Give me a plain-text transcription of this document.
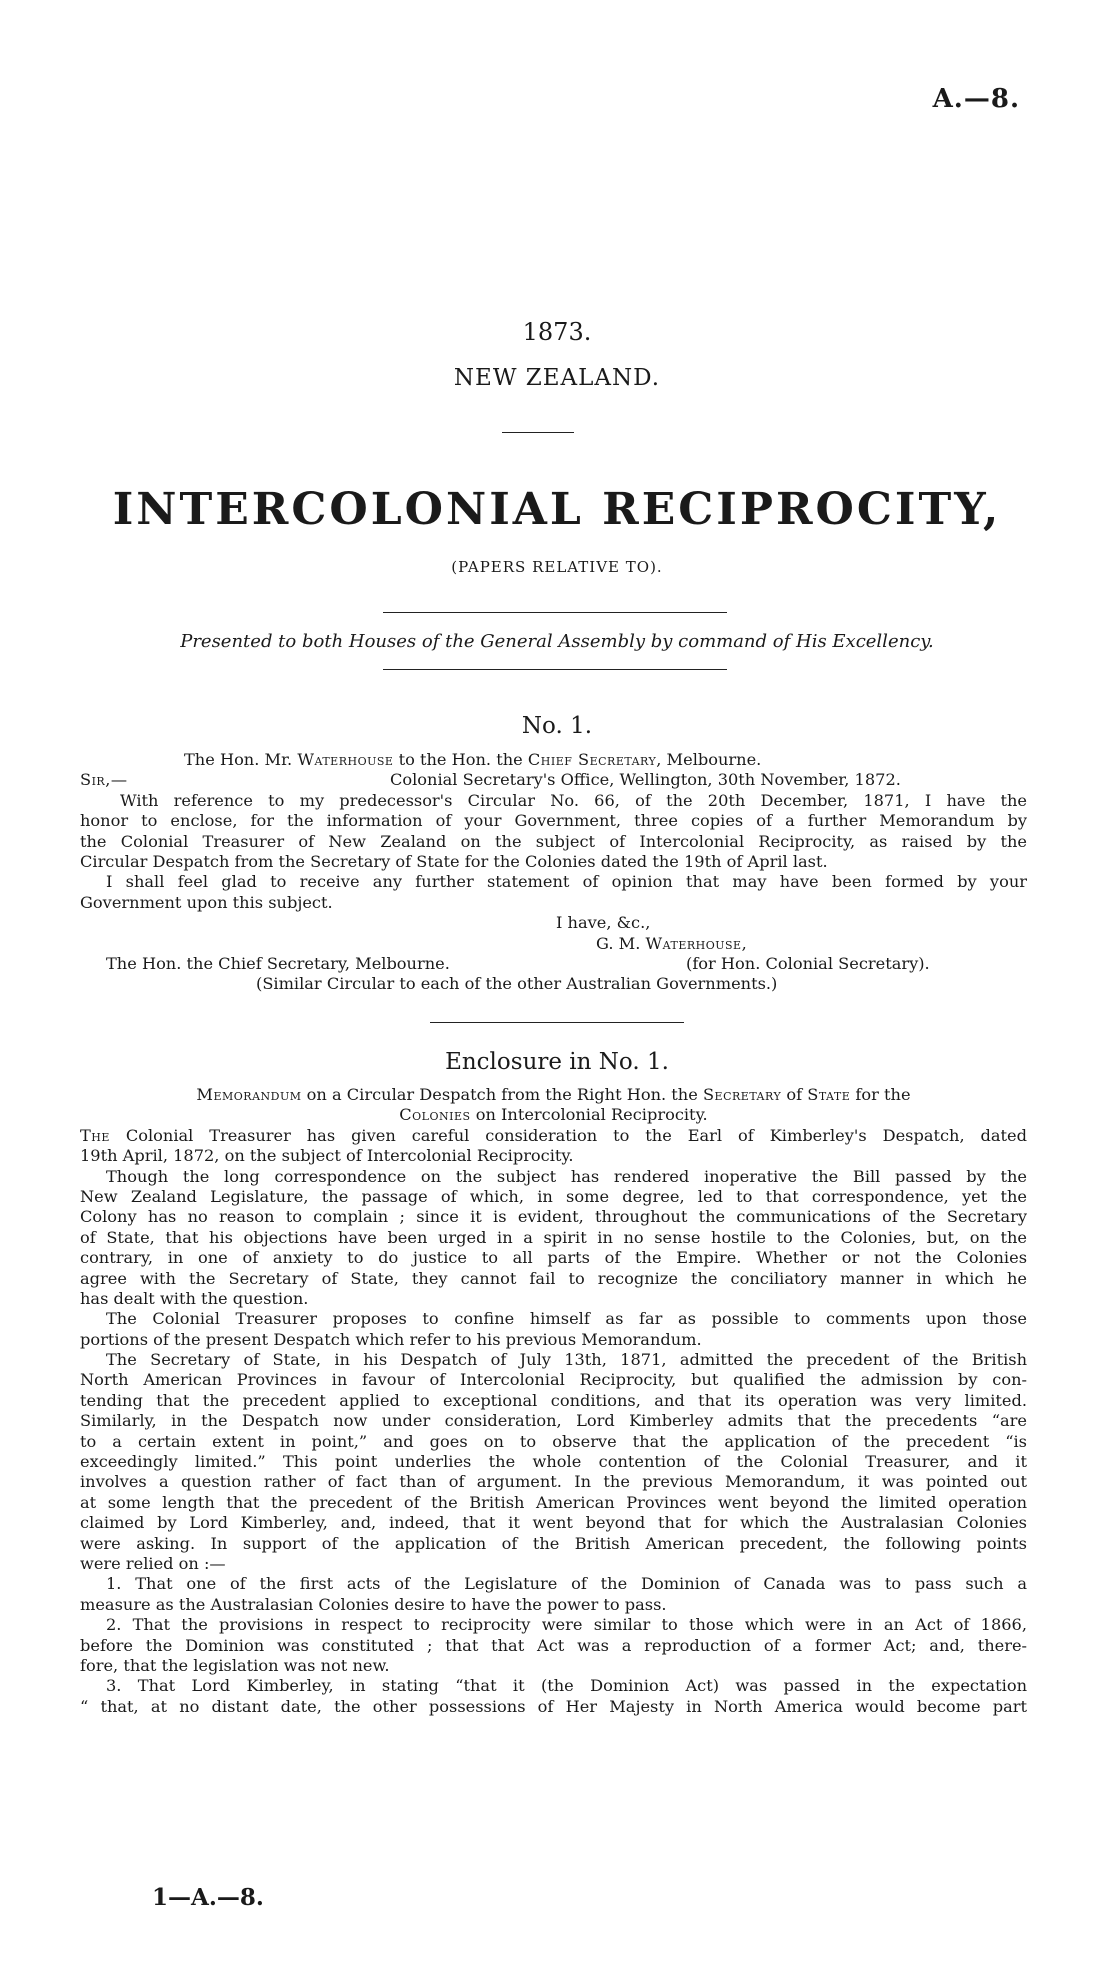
A.—8.
1873.
NEW ZEALAND.
INTERCOLONIAL RECIPROCITY,
(PAPERS RELATIVE TO).
Presented to both Houses of the General Assembly by command of His Excellency.
No. 1.
The Hon. Mr. Waterhouse to the Hon. the Chief Secretary, Melbourne.
Sir,—	Colonial Secretary's Office, Wellington, 30th November, 1872.
With reference to my predecessor's Circular No. 66, of the 20th December, 1871, I have the
honor to enclose, for the information of your Government, three copies of a further Memorandum by
the Colonial Treasurer of New Zealand on the subject of Intercolonial Reciprocity, as raised by the
Circular Despatch from the Secretary of State for the Colonies dated the 19th of April last.
I shall feel glad to receive any further statement of opinion that may have been formed by your
Government upon this subject.
I have, &c.,
G. M. Waterhouse,
The Hon. the Chief Secretary, Melbourne.	(for Hon. Colonial Secretary).
(Similar Circular to each of the other Australian Governments.)
Enclosure in No. 1.
Memorandum on a Circular Despatch from the Right Hon. the Secretary of State for the
Colonies on Intercolonial Reciprocity.
The Colonial Treasurer has given careful consideration to the Earl of Kimberley's Despatch, dated
19th April, 1872, on the subject of Intercolonial Reciprocity.
Though the long correspondence on the subject has rendered inoperative the Bill passed by the
New Zealand Legislature, the passage of which, in some degree, led to that correspondence, yet the
Colony has no reason to complain ; since it is evident, throughout the communications of the Secretary
of State, that his objections have been urged in a spirit in no sense hostile to the Colonies, but, on the
contrary, in one of anxiety to do justice to all parts of the Empire. Whether or not the Colonies
agree with the Secretary of State, they cannot fail to recognize the conciliatory manner in which he
has dealt with the question.
The Colonial Treasurer proposes to confine himself as far as possible to comments upon those
portions of the present Despatch which refer to his previous Memorandum.
The Secretary of State, in his Despatch of July 13th, 1871, admitted the precedent of the British
North American Provinces in favour of Intercolonial Reciprocity, but qualified the admission by con-
tending that the precedent applied to exceptional conditions, and that its operation was very limited.
Similarly, in the Despatch now under consideration, Lord Kimberley admits that the precedents “are
to a certain extent in point,” and goes on to observe that the application of the precedent “is
exceedingly limited.” This point underlies the whole contention of the Colonial Treasurer, and it
involves a question rather of fact than of argument. In the previous Memorandum, it was pointed out
at some length that the precedent of the British American Provinces went beyond the limited operation
claimed by Lord Kimberley, and, indeed, that it went beyond that for which the Australasian Colonies
were asking. In support of the application of the British American precedent, the following points
were relied on :—
1. That one of the first acts of the Legislature of the Dominion of Canada was to pass such a
measure as the Australasian Colonies desire to have the power to pass.
2. That the provisions in respect to reciprocity were similar to those which were in an Act of 1866,
before the Dominion was constituted ; that that Act was a reproduction of a former Act; and, there-
fore, that the legislation was not new.
3. That Lord Kimberley, in stating “that it (the Dominion Act) was passed in the expectation
“ that, at no distant date, the other possessions of Her Majesty in North America would become part
1—A.—8.
